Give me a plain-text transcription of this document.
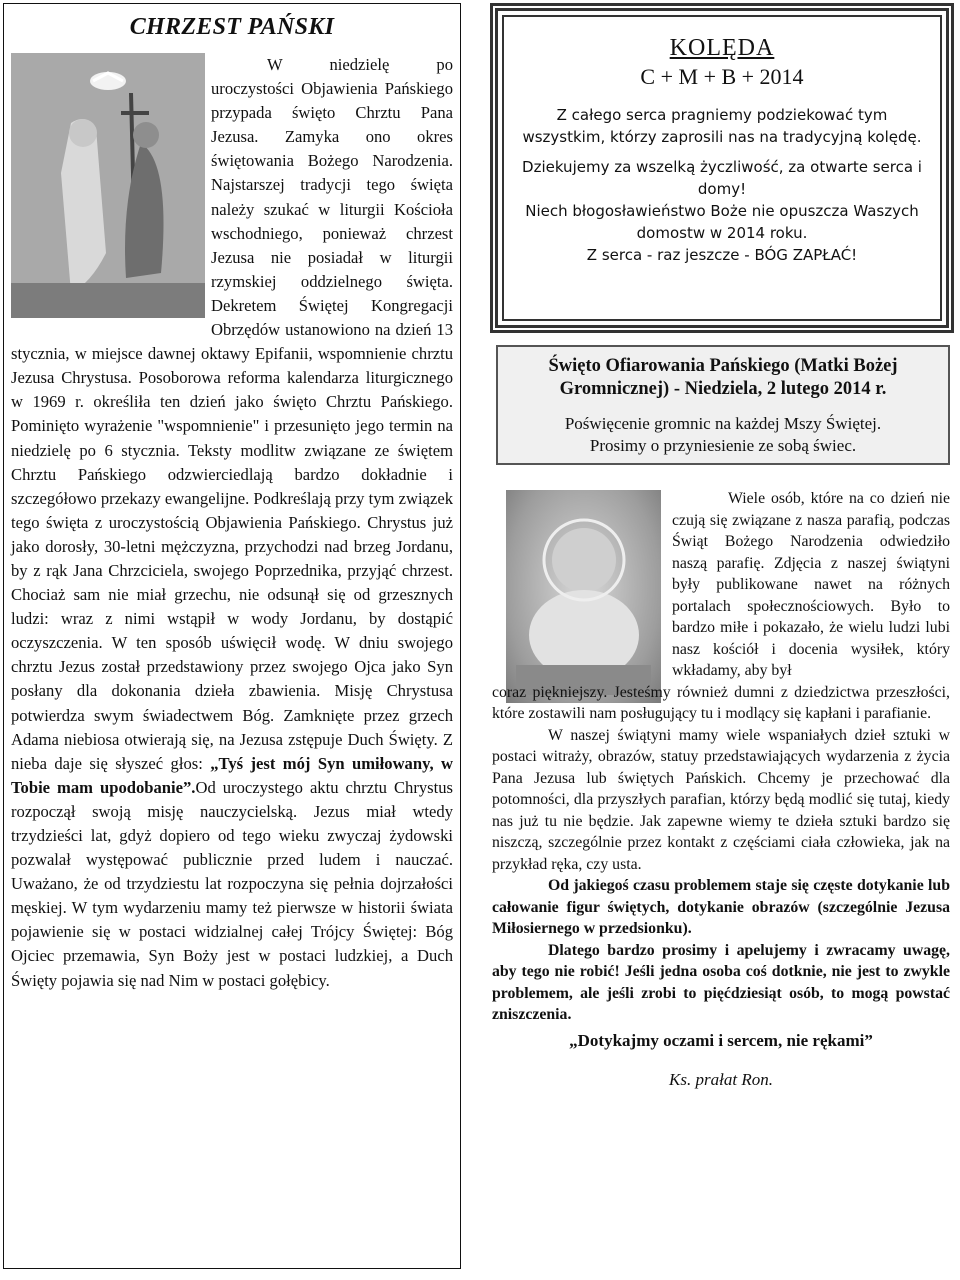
CHRZEST PAŃSKI

W niedzielę po uroczystości Objawienia Pańskiego przypada święto Chrztu Pana Jezusa. Zamyka ono okres świętowania Bożego Narodzenia. Najstarszej tradycji tego święta należy szukać w liturgii Kościoła wschodniego, ponieważ chrzest Jezusa nie posiadał w liturgii rzymskiej oddzielnego święta. Dekretem Świętej Kongregacji Obrzędów ustanowiono na dzień 13 stycznia, w miejsce dawnej oktawy Epifanii, wspomnienie chrztu Jezusa Chrystusa. Posoborowa reforma kalendarza liturgicznego w 1969 r. określiła ten dzień jako święto Chrztu Pańskiego. Pominięto wyrażenie "wspomnienie" i przesunięto jego termin na niedzielę po 6 stycznia. Teksty modlitw związane ze świętem Chrztu Pańskiego odzwierciedlają bardzo dokładnie i szczegółowo przekazy ewangelijne. Podkreślają przy tym związek tego święta z uroczystością Objawienia Pańskiego. Chrystus już jako dorosły, 30-letni mężczyzna, przychodzi nad brzeg Jordanu, by z rąk Jana Chrzciciela, swojego Poprzednika, przyjąć chrzest. Chociaż sam nie miał grzechu, nie odsunął się od grzesznych ludzi: wraz z nimi wstąpił w wody Jordanu, by dostąpić oczyszczenia. W ten sposób uświęcił wodę. W dniu swojego chrztu Jezus został przedstawiony przez swojego Ojca jako Syn posłany dla dokonania dzieła zbawienia. Misję Chrystusa potwierdza swym świadectwem Bóg. Zamknięte przez grzech Adama niebiosa otwierają się, na Jezusa zstępuje Duch Święty. Z nieba daje się słyszeć głos: „Tyś jest mój Syn umiłowany, w Tobie mam upodobanie”.Od uroczystego aktu chrztu Chrystus rozpoczął swoją misję nauczycielską. Jezus miał wtedy trzydzieści lat, gdyż dopiero od tego wieku zwyczaj żydowski pozwalał występować publicznie przed ludem i nauczać. Uważano, że od trzydziestu lat rozpoczyna się pełnia dojrzałości męskiej. W tym wydarzeniu mamy też pierwsze w historii świata pojawienie się w postaci widzialnej całej Trójcy Świętej: Bóg Ojciec przemawia, Syn Boży jest w postaci ludzkiej, a Duch Święty pojawia się nad Nim w postaci gołębicy.

KOLĘDA
C + M + B + 2014
Z całego serca pragniemy podziekować tym wszystkim, którzy zaprosili nas na tradycyjną kolędę.
Dziekujemy za wszelką życzliwość, za otwarte serca i domy!
Niech błogosławieństwo Boże nie opuszcza Waszych domostw w 2014 roku.
Z serca - raz jeszcze - BÓG ZAPŁAĆ!
Święto Ofiarowania Pańskiego (Matki Bożej Gromnicznej) - Niedziela, 2 lutego 2014 r.
Poświęcenie gromnic na każdej Mszy Świętej.
Prosimy o przyniesienie ze sobą świec.

Wiele osób, które na co dzień nie czują się związane z nasza parafią, podczas Świąt Bożego Narodzenia odwiedziło naszą parafię. Zdjęcia z naszej świątyni były publikowane nawet na różnych portalach społecznościowych. Było to bardzo miłe i pokazało, że wielu ludzi lubi nasz kościół i docenia wysiłek, który wkładamy, aby był

coraz piękniejszy. Jesteśmy również dumni z dziedzictwa przeszłości, które zostawili nam posługujący tu i modlący się kapłani i parafianie.

W naszej świątyni mamy wiele wspaniałych dzieł sztuki w postaci witraży, obrazów, statuy przedstawiających wydarzenia z życia Pana Jezusa lub świętych Pańskich. Chcemy je przechować dla potomności, dla przyszłych parafian, którzy będą modlić się tutaj, kiedy nas już tu nie będzie. Jak zapewne wiemy te dzieła sztuki bardzo się niszczą, szczególnie przez kontakt z częściami ciała człowieka, jak na przykład ręka, czy usta.

Od jakiegoś czasu problemem staje się częste dotykanie lub całowanie figur świętych, dotykanie obrazów (szczególnie Jezusa Miłosiernego w przedsionku).

Dlatego bardzo prosimy i apelujemy i zwracamy uwagę, aby tego nie robić! Jeśli jedna osoba coś dotknie, nie jest to zwykle problemem, ale jeśli zrobi to pięćdziesiąt osób, to mogą powstać zniszczenia.

„Dotykajmy oczami i sercem, nie rękami”
Ks. prałat Ron.
